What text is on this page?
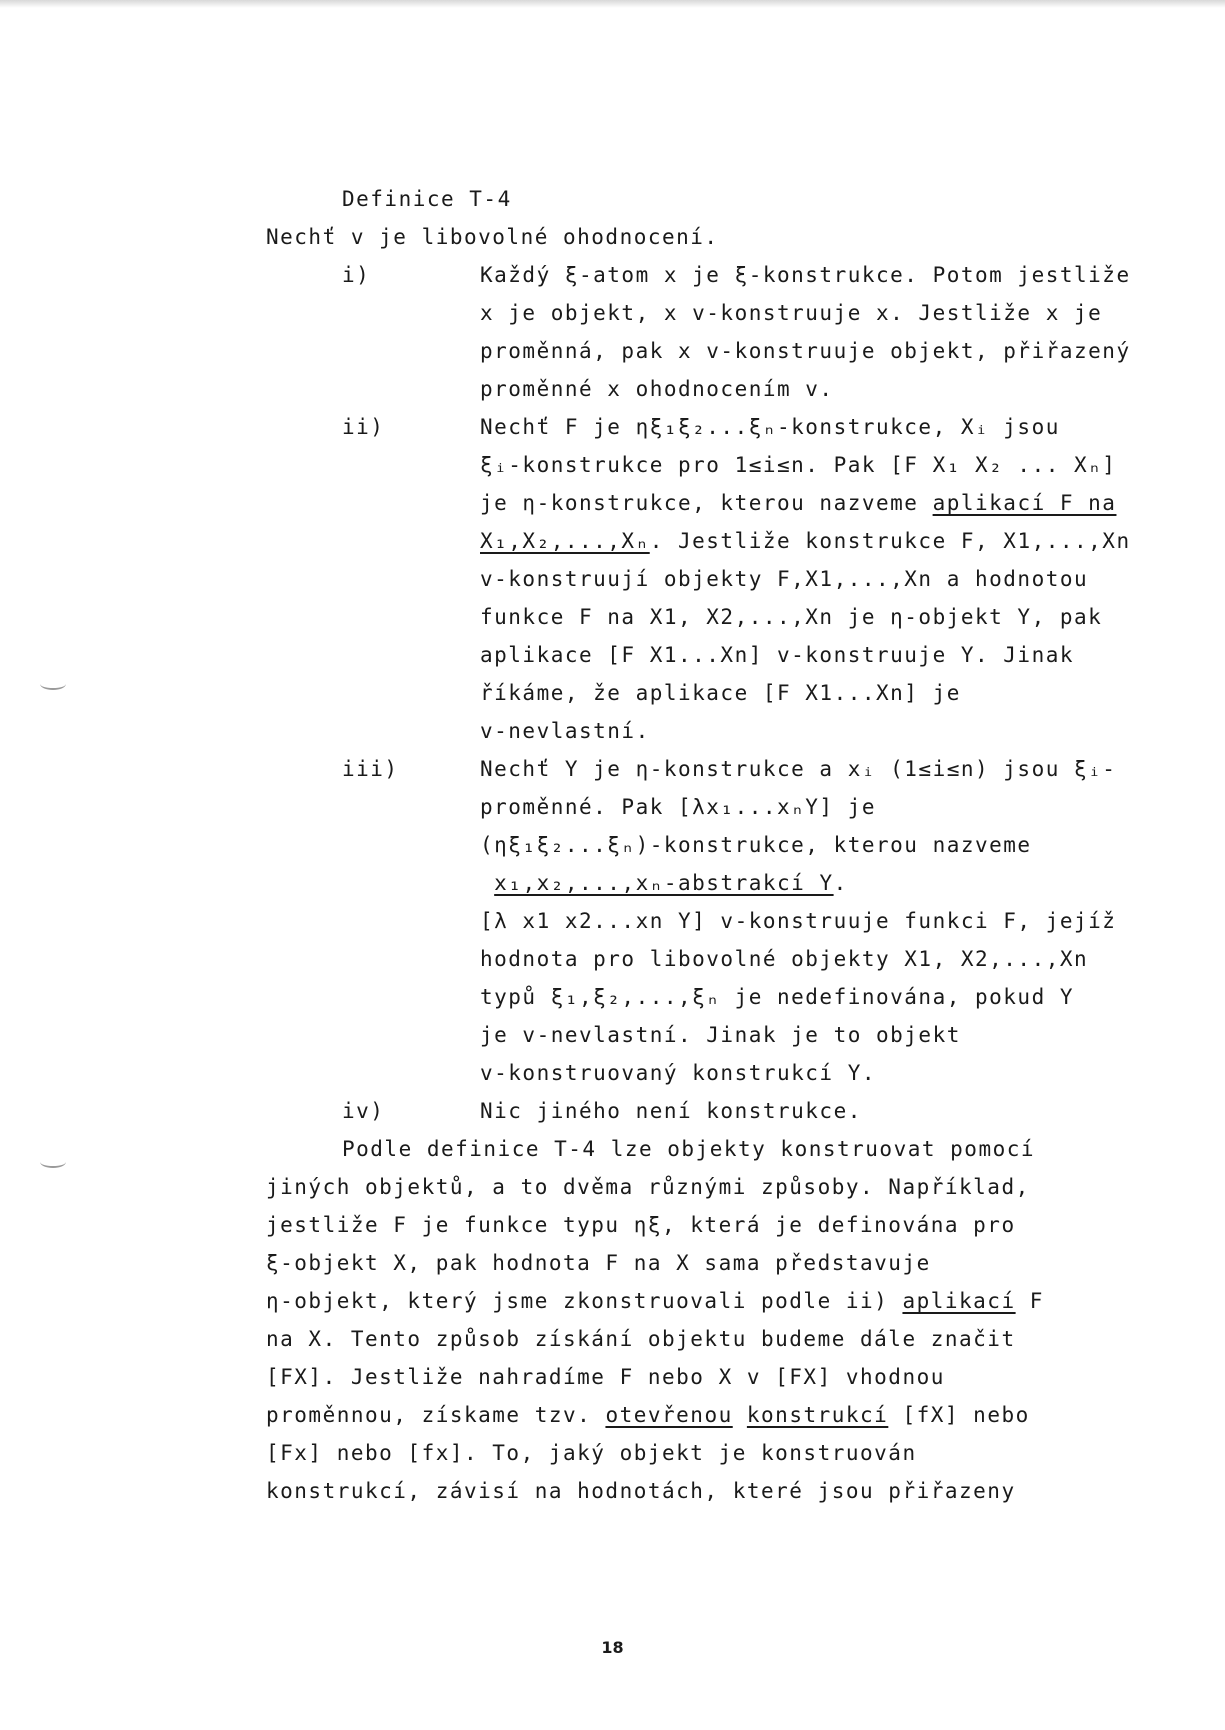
Definice T-4
Nechť v je libovolné ohodnocení.
i)	Každý ξ-atom x je ξ-konstrukce. Potom jestliže
x je objekt, x v-konstruuje x. Jestliže x je
proměnná, pak x v-konstruuje objekt, přiřazený
proměnné x ohodnocením v.
ii)	Nechť F je ηξ₁ξ₂...ξₙ-konstrukce, Xᵢ jsou
ξᵢ-konstrukce pro 1≤i≤n. Pak [F X₁ X₂ ... Xₙ]
je η-konstrukce, kterou nazveme aplikací F na
X₁,X₂,...,Xₙ. Jestliže konstrukce F, X1,...,Xn
v-konstruují objekty F,X1,...,Xn a hodnotou
funkce F na X1, X2,...,Xn je η-objekt Y, pak
aplikace [F X1...Xn] v-konstruuje Y. Jinak
říkáme, že aplikace [F X1...Xn] je
v-nevlastní.
iii)	Nechť Y je η-konstrukce a xᵢ (1≤i≤n) jsou ξᵢ-
proměnné. Pak [λx₁...xₙY] je
(ηξ₁ξ₂...ξₙ)-konstrukce, kterou nazveme
x₁,x₂,...,xₙ-abstrakcí Y.
[λ x1 x2...xn Y] v-konstruuje funkci F, jejíž
hodnota pro libovolné objekty X1, X2,...,Xn
typů ξ₁,ξ₂,...,ξₙ je nedefinována, pokud Y
je v-nevlastní. Jinak je to objekt
v-konstruovaný konstrukcí Y.
iv)	Nic jiného není konstrukce.
Podle definice T-4 lze objekty konstruovat pomocí
jiných objektů, a to dvěma různými způsoby. Například,
jestliže F je funkce typu ηξ, která je definována pro
ξ-objekt X, pak hodnota F na X sama představuje
η-objekt, který jsme zkonstruovali podle ii) aplikací F
na X. Tento způsob získání objektu budeme dále značit
[FX]. Jestliže nahradíme F nebo X v [FX] vhodnou
proměnnou, získame tzv. otevřenou konstrukcí [fX] nebo
[Fx] nebo [fx]. To, jaký objekt je konstruován
konstrukcí, závisí na hodnotách, které jsou přiřazeny
18
